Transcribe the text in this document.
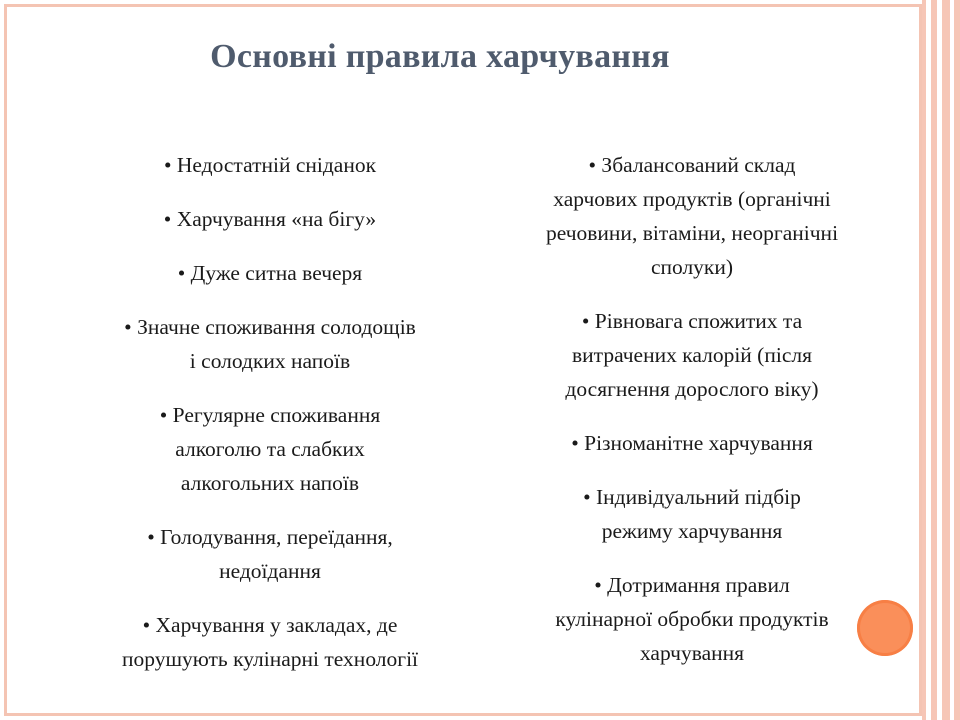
Основні правила харчування

• Недостатній сніданок

• Харчування «на бігу»

• Дуже ситна вечеря

• Значне споживання солодощів
і солодких напоїв

• Регулярне споживання
алкоголю та слабких
алкогольних напоїв

• Голодування, переїдання,
недоїдання

• Харчування у закладах, де
порушують кулінарні технології

• Збалансований склад
харчових продуктів (органічні
речовини, вітаміни, неорганічні
сполуки)

• Рівновага спожитих та
витрачених калорій (після
досягнення дорослого віку)

• Різноманітне харчування

• Індивідуальний підбір
режиму харчування

• Дотримання правил
кулінарної обробки продуктів
харчування
